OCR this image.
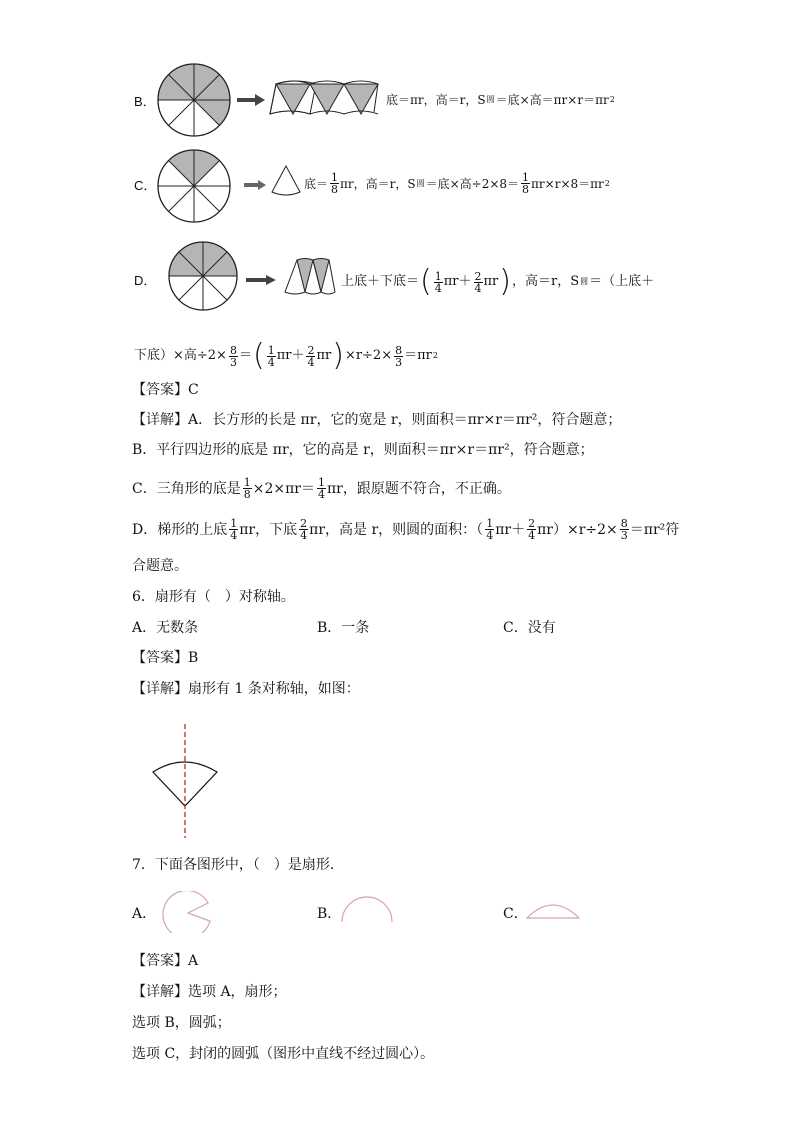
B．	底＝πr，高＝r，S 圆 ＝底×高＝πr×r＝πr 2
C．	底＝ $\frac{1}{8}$ πr，高＝r，S 圆 ＝底×高$\div 2\times 8= \frac{1}{8} \pi r\times r\times 8=\pi r$ 2
D．	上底＋下底＝ ( $\frac{1}{4} \pi r+ \frac{2}{4}$ πr ) ，高＝r，S 圆 ＝（上底＋
下底）×高$\div 2\times \frac{8}{3}$ ＝ ( $\frac{1}{4} \pi r+ \frac{2}{4}$ πr ) $\times r\div 2\times \frac{8}{3} =\pi r$ 2
【答案】C
【详解】A．长方形的长是 πr，它的宽是 r，则面积＝πr×r＝πr²，符合题意；
B．平行四边形的底是 πr，它的高是 r，则面积＝πr×r＝πr²，符合题意；
C．三角形的底是 $\frac{1}{8} \times 2\times\pi r= \frac{1}{4}$ πr，跟原题不符合，不正确。
D．梯形的上底 $\frac{1}{4}$ πr，下底 $\frac{2}{4}$ πr，高是 r，则圆的面积：（ $\frac{1}{4} \pi r+ \frac{2}{4} \pi r)\times r\div 2\times \frac{8}{3} =\pi r^2$符
合题意。
6．扇形有（　）对称轴。
A．无数条	B．一条	C．没有
【答案】B
【详解】扇形有 1 条对称轴，如图：
7．下面各图形中，（　）是扇形．
A．	B．	C．
【答案】A
【详解】选项 A，扇形；
选项 B，圆弧；
选项 C，封闭的圆弧（图形中直线不经过圆心）。
